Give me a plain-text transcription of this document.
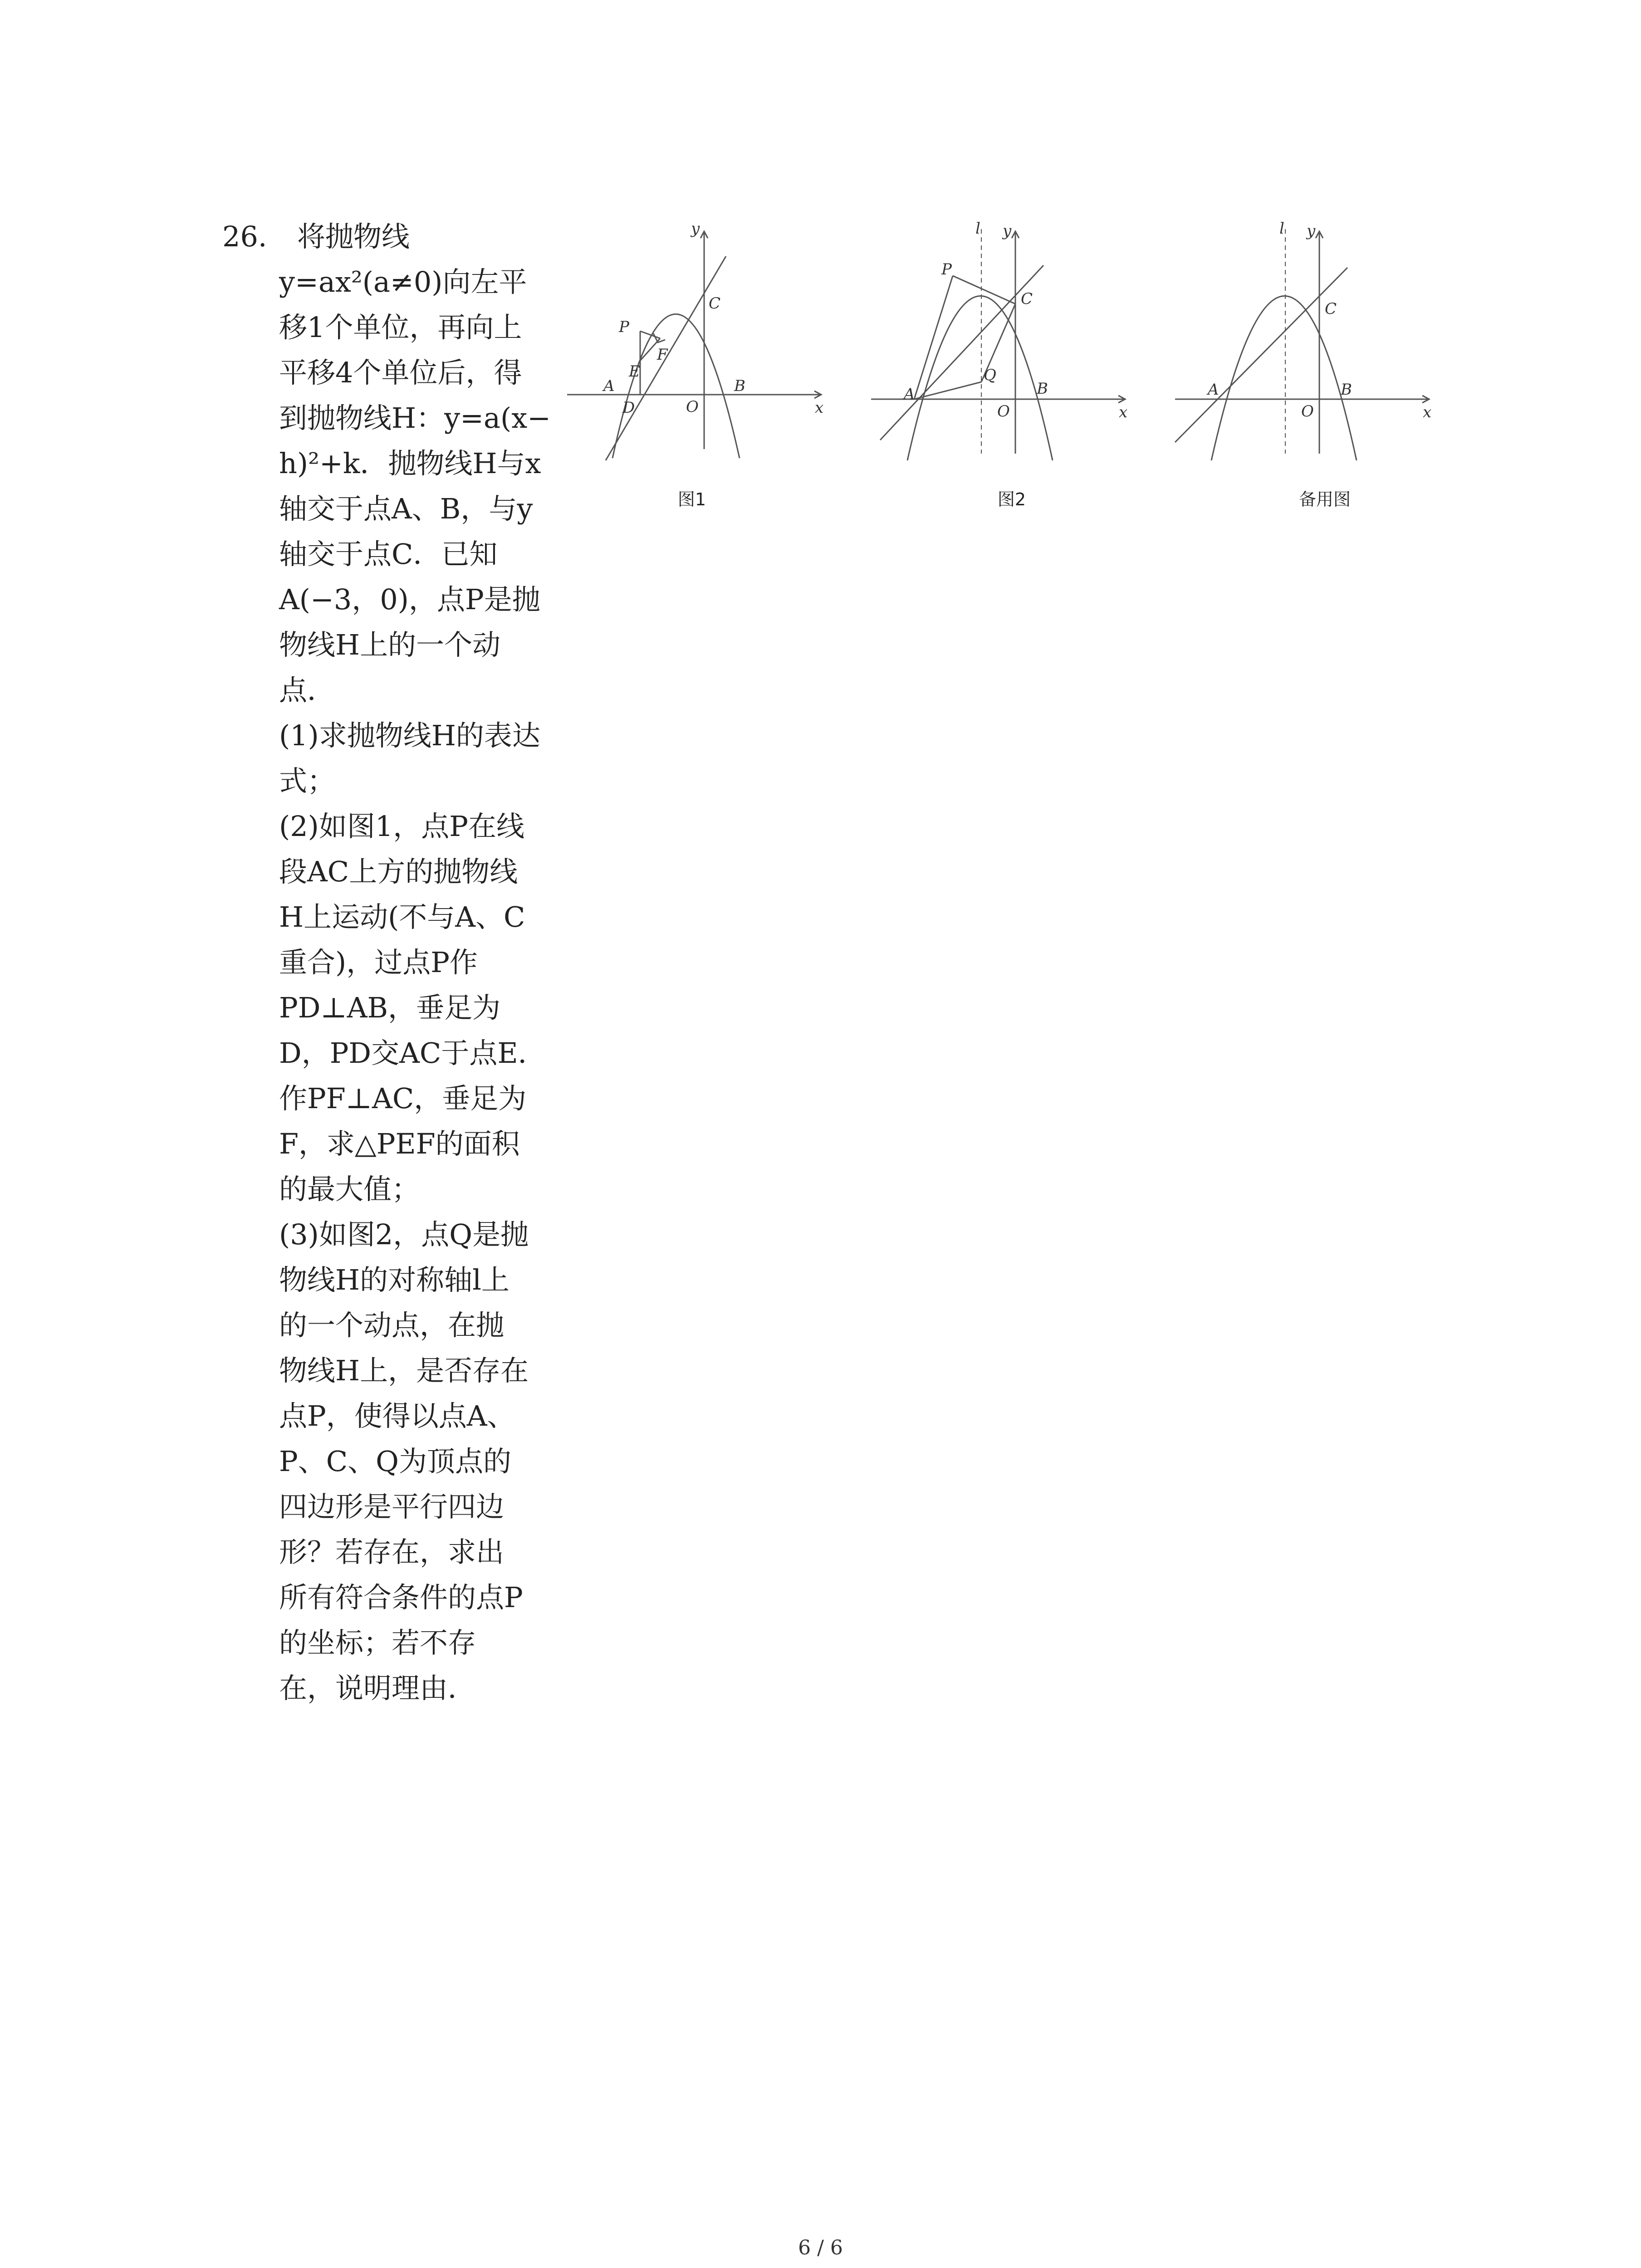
26. 将抛物线
y=ax²(a≠0)向左平
移1个单位，再向上
平移4个单位后，得
到抛物线H：y=a(x−
h)²+k．抛物线H与x
轴交于点A、B，与y
轴交于点C．已知
A(−3，0)，点P是抛
物线H上的一个动
点．
(1)求抛物线H的表达
式；
(2)如图1，点P在线
段AC上方的抛物线
H上运动(不与A、C
重合)，过点P作
PD⊥AB，垂足为
D，PD交AC于点E．
作PF⊥AC，垂足为
F，求△PEF的面积
的最大值；
(3)如图2，点Q是抛
物线H的对称轴l上
的一个动点，在抛
物线H上，是否存在
点P，使得以点A、
P、C、Q为顶点的
四边形是平行四边
形？若存在，求出
所有符合条件的点P
的坐标；若不存
在，说明理由．
y
x
A	B
C
O
P
D
E
F
图1
l y
x
A	B
C
O
P
Q
图2
l y
x
A	B
C
O
备用图
6 / 6
